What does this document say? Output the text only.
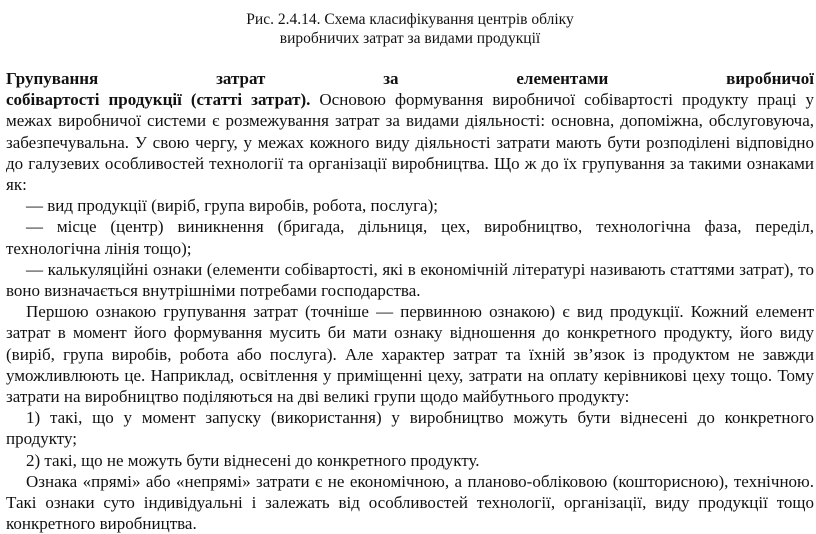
Рис. 2.4.14. Схема класифікування центрів обліку
виробничих затрат за видами продукції
Групування	затрат	за	елементами	виробничої

собівартості продукції (статті затрат). Основою формування виробничої собівартості продукту праці у межах виробничої системи є розмежування затрат за видами діяльності: основна, допоміжна, обслуговуюча, забезпечувальна. У свою чергу, у межах кожного виду діяльності затрати мають бути розподілені відповідно до галузевих особливостей технології та організації виробництва. Що ж до їх групування за такими ознаками як:

— вид продукції (виріб, група виробів, робота, послуга);

— місце (центр) виникнення (бригада, дільниця, цех, виробництво, технологічна фаза, переділ, технологічна лінія тощо);

— калькуляційні ознаки (елементи собівартості, які в економічній літературі називають статтями затрат), то воно визначається внутрішніми потребами господарства.

Першою ознакою групування затрат (точніше — первинною ознакою) є вид продукції. Кожний елемент затрат в момент його формування мусить би мати ознаку відношення до конкретного продукту, його виду (виріб, група виробів, робота або послуга). Але характер затрат та їхній зв’язок із продуктом не завжди уможливлюють це. Наприклад, освітлення у приміщенні цеху, затрати на оплату керівникові цеху тощо. Тому затрати на виробництво поділяються на дві великі групи щодо майбутнього продукту:

1) такі, що у момент запуску (використання) у виробництво можуть бути віднесені до конкретного продукту;

2) такі, що не можуть бути віднесені до конкретного продукту.

Ознака «прямі» або «непрямі» затрати є не економічною, а планово-обліковою (кошторисною), технічною. Такі ознаки суто індивідуальні і залежать від особливостей технології, організації, виду продукції тощо конкретного виробництва.
